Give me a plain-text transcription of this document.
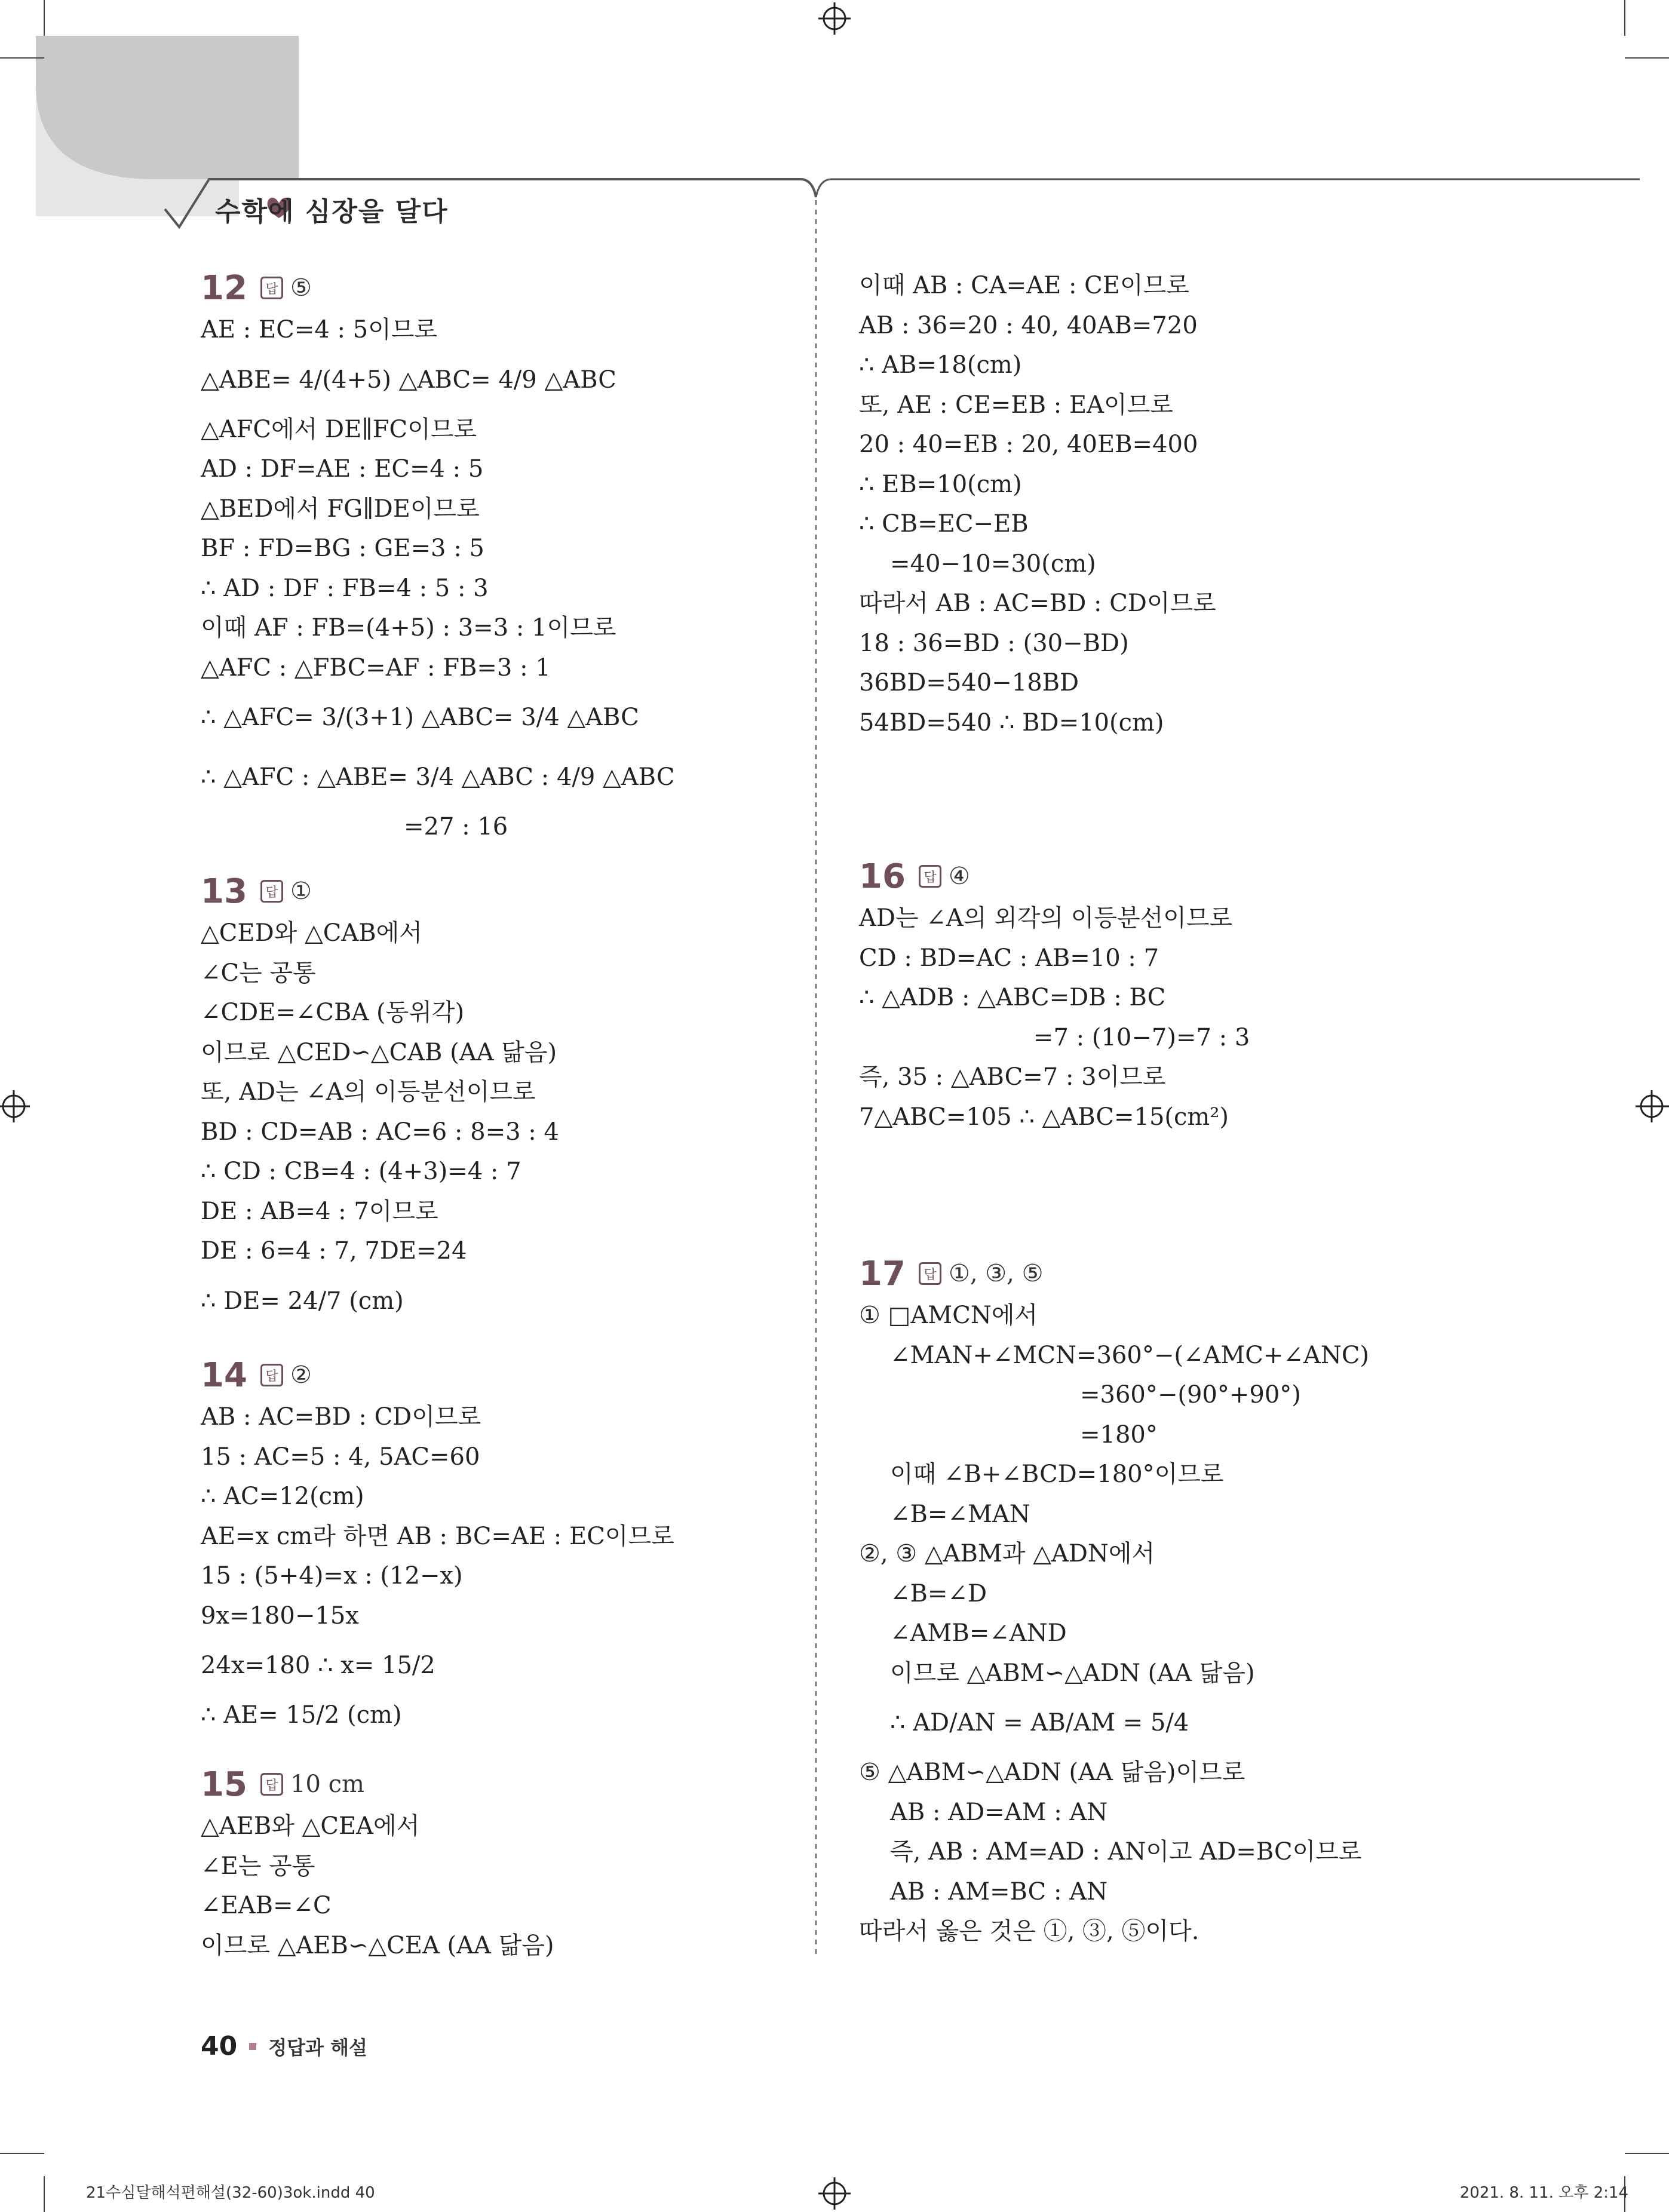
수학에 심장을 달다
12	답 ⑤
AE : EC=4 : 5이므로
△ABE= 4/(4+5) △ABC= 4/9 △ABC
△AFC에서 DE∥FC이므로
AD : DF=AE : EC=4 : 5
△BED에서 FG∥DE이므로
BF : FD=BG : GE=3 : 5
∴ AD : DF : FB=4 : 5 : 3
이때 AF : FB=(4+5) : 3=3 : 1이므로
△AFC : △FBC=AF : FB=3 : 1
∴ △AFC= 3/(3+1) △ABC= 3/4 △ABC
∴ △AFC : △ABE= 3/4 △ABC : 4/9 △ABC
=27 : 16
13	답 ①
△CED와 △CAB에서
∠C는 공통
∠CDE=∠CBA (동위각)
이므로 △CED∽△CAB (AA 닮음)
또, AD는 ∠A의 이등분선이므로
BD : CD=AB : AC=6 : 8=3 : 4
∴ CD : CB=4 : (4+3)=4 : 7
DE : AB=4 : 7이므로
DE : 6=4 : 7, 7DE=24
∴ DE= 24/7 (cm)
14	답 ②
AB : AC=BD : CD이므로
15 : AC=5 : 4, 5AC=60
∴ AC=12(cm)
AE=x cm라 하면 AB : BC=AE : EC이므로
15 : (5+4)=x : (12−x)
9x=180−15x
24x=180 ∴ x= 15/2
∴ AE= 15/2 (cm)
15	답 10 cm
△AEB와 △CEA에서
∠E는 공통
∠EAB=∠C
이므로 △AEB∽△CEA (AA 닮음)
이때 AB : CA=AE : CE이므로
AB : 36=20 : 40, 40AB=720
∴ AB=18(cm)
또, AE : CE=EB : EA이므로
20 : 40=EB : 20, 40EB=400
∴ EB=10(cm)
∴ CB=EC−EB
=40−10=30(cm)
따라서 AB : AC=BD : CD이므로
18 : 36=BD : (30−BD)
36BD=540−18BD
54BD=540 ∴ BD=10(cm)
16	답 ④
AD는 ∠A의 외각의 이등분선이므로
CD : BD=AC : AB=10 : 7
∴ △ADB : △ABC=DB : BC
=7 : (10−7)=7 : 3
즉, 35 : △ABC=7 : 3이므로
7△ABC=105 ∴ △ABC=15(cm²)
17	답 ①, ③, ⑤
① □AMCN에서
∠MAN+∠MCN=360°−(∠AMC+∠ANC)
=360°−(90°+90°)
=180°
이때 ∠B+∠BCD=180°이므로
∠B=∠MAN
②, ③ △ABM과 △ADN에서
∠B=∠D
∠AMB=∠AND
이므로 △ABM∽△ADN (AA 닮음)
∴ AD/AN = AB/AM = 5/4
⑤ △ABM∽△ADN (AA 닮음)이므로
AB : AD=AM : AN
즉, AB : AM=AD : AN이고 AD=BC이므로
AB : AM=BC : AN
따라서 옳은 것은 ①, ③, ⑤이다.
40 정답과 해설
21수심달해석편해설(32-60)3ok.indd 40	2021. 8. 11. 오후 2:14
